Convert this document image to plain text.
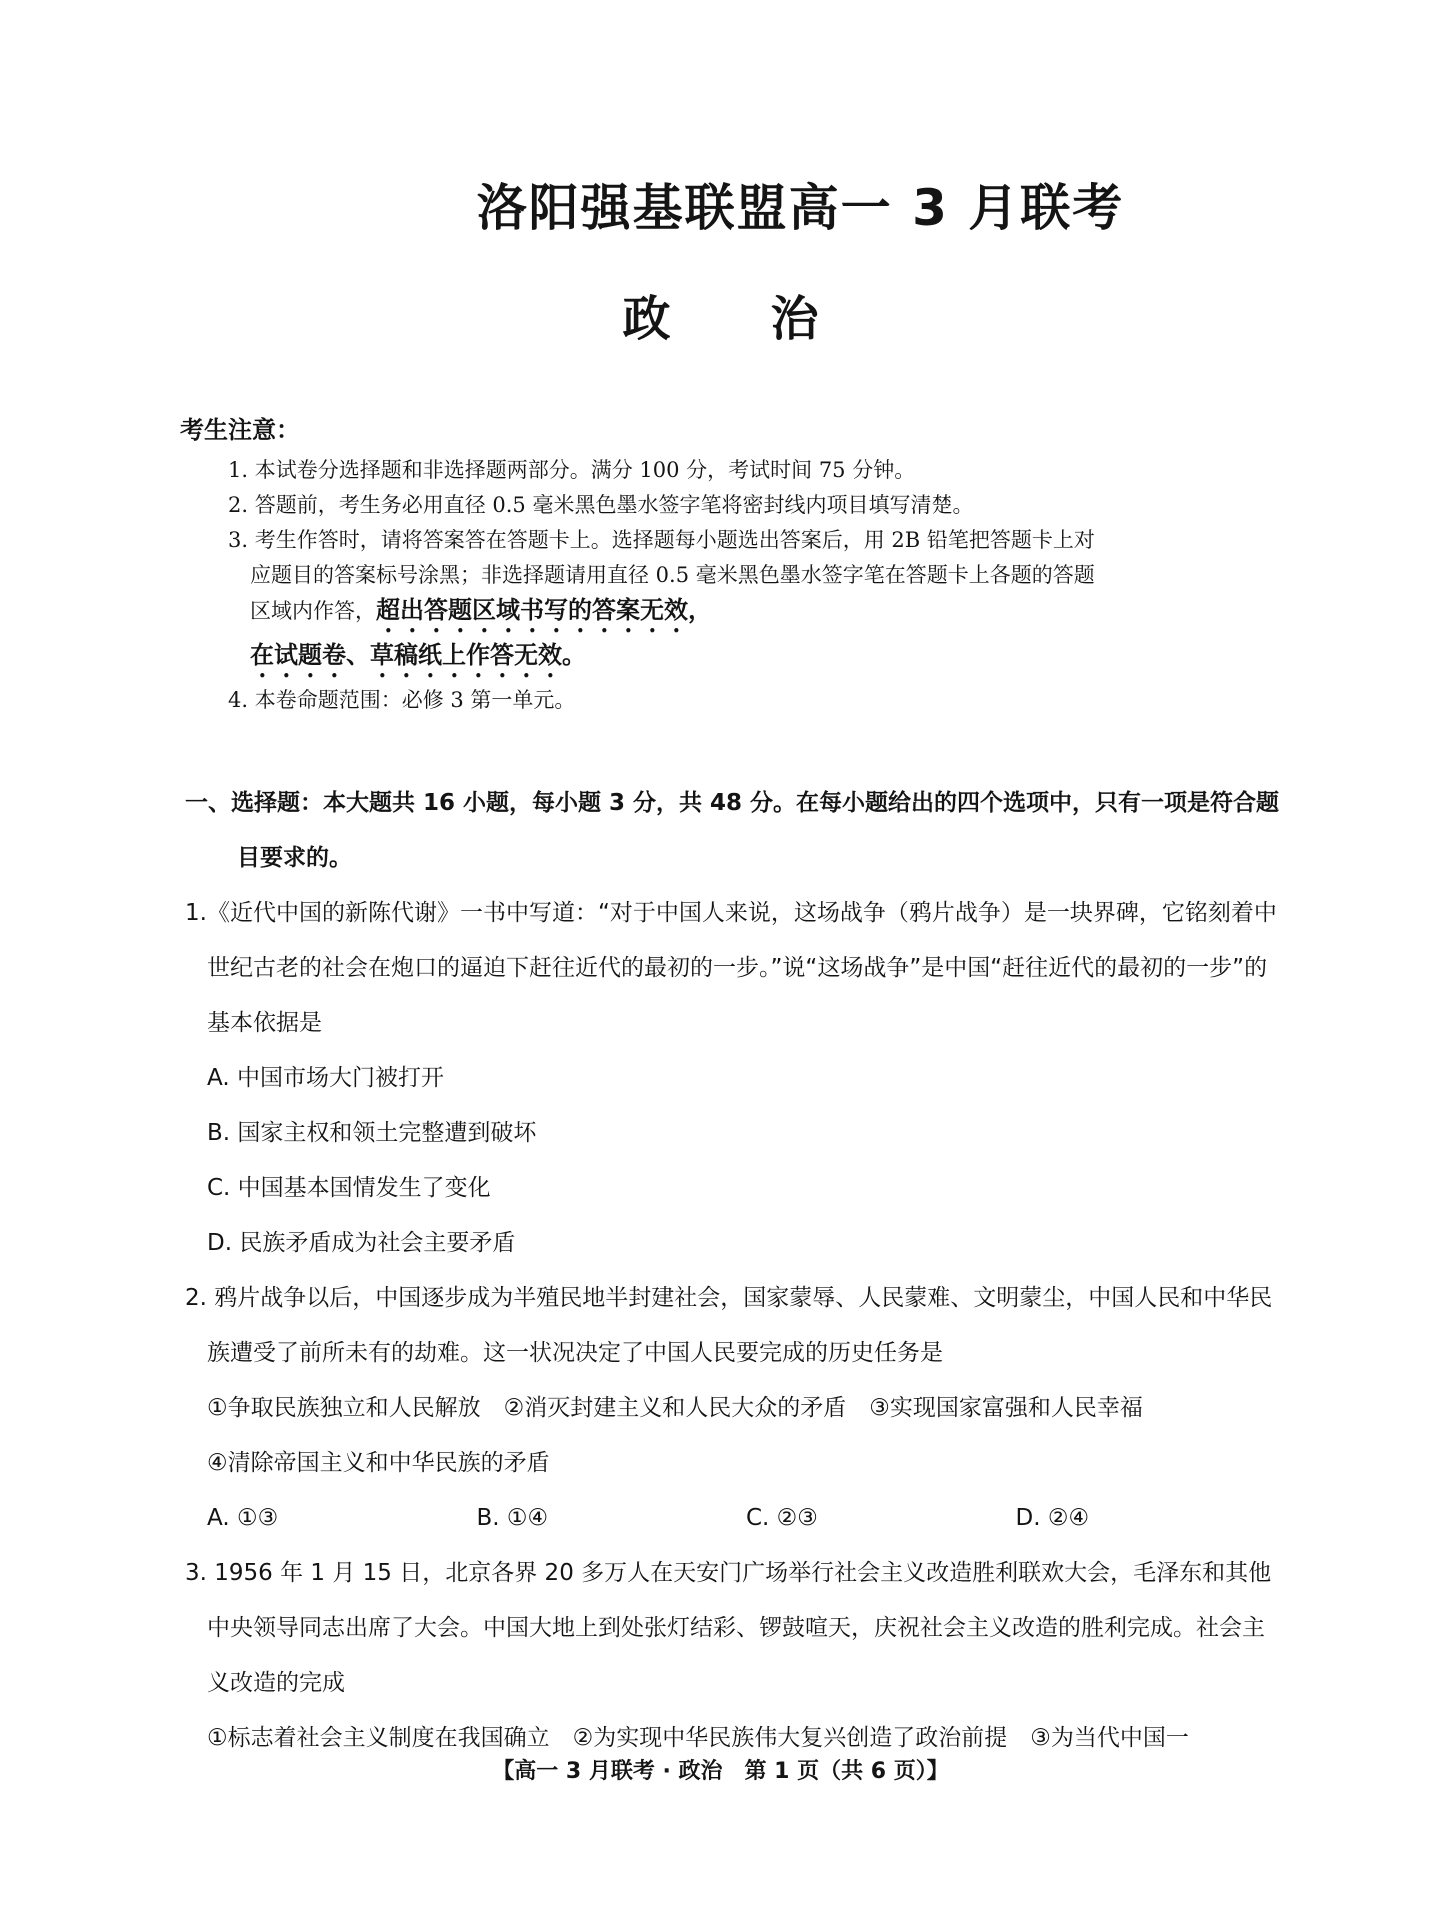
洛阳强基联盟高一 3 月联考
政 治
考生注意：
1. 本试卷分选择题和非选择题两部分。满分 100 分，考试时间 75 分钟。
2. 答题前，考生务必用直径 0.5 毫米黑色墨水签字笔将密封线内项目填写清楚。
3. 考生作答时，请将答案答在答题卡上。选择题每小题选出答案后，用 2B 铅笔把答题卡上对应题目的答案标号涂黑；非选择题请用直径 0.5 毫米黑色墨水签字笔在答题卡上各题的答题区域内作答，超出答题区域书写的答案无效，
在试题卷、草稿纸上作答无效。
4. 本卷命题范围：必修 3 第一单元。
一、选择题：本大题共 16 小题，每小题 3 分，共 48 分。在每小题给出的四个选项中，只有一项是符合题目要求的。
1.《近代中国的新陈代谢》一书中写道：“对于中国人来说，这场战争（鸦片战争）是一块界碑，它铭刻着中世纪古老的社会在炮口的逼迫下赶往近代的最初的一步。”说“这场战争”是中国“赶往近代的最初的一步”的基本依据是
A. 中国市场大门被打开
B. 国家主权和领土完整遭到破坏
C. 中国基本国情发生了变化
D. 民族矛盾成为社会主要矛盾
2. 鸦片战争以后，中国逐步成为半殖民地半封建社会，国家蒙辱、人民蒙难、文明蒙尘，中国人民和中华民族遭受了前所未有的劫难。这一状况决定了中国人民要完成的历史任务是
①争取民族独立和人民解放　 ②消灭封建主义和人民大众的矛盾　 ③实现国家富强和人民幸福
④清除帝国主义和中华民族的矛盾
A. ①③	B. ①④	C. ②③	D. ②④
3. 1956 年 1 月 15 日，北京各界 20 多万人在天安门广场举行社会主义改造胜利联欢大会，毛泽东和其他中央领导同志出席了大会。中国大地上到处张灯结彩、锣鼓喧天，庆祝社会主义改造的胜利完成。社会主义改造的完成
①标志着社会主义制度在我国确立　 ②为实现中华民族伟大复兴创造了政治前提　 ③为当代中国一
【高一 3 月联考 · 政治　第 1 页（共 6 页）】
